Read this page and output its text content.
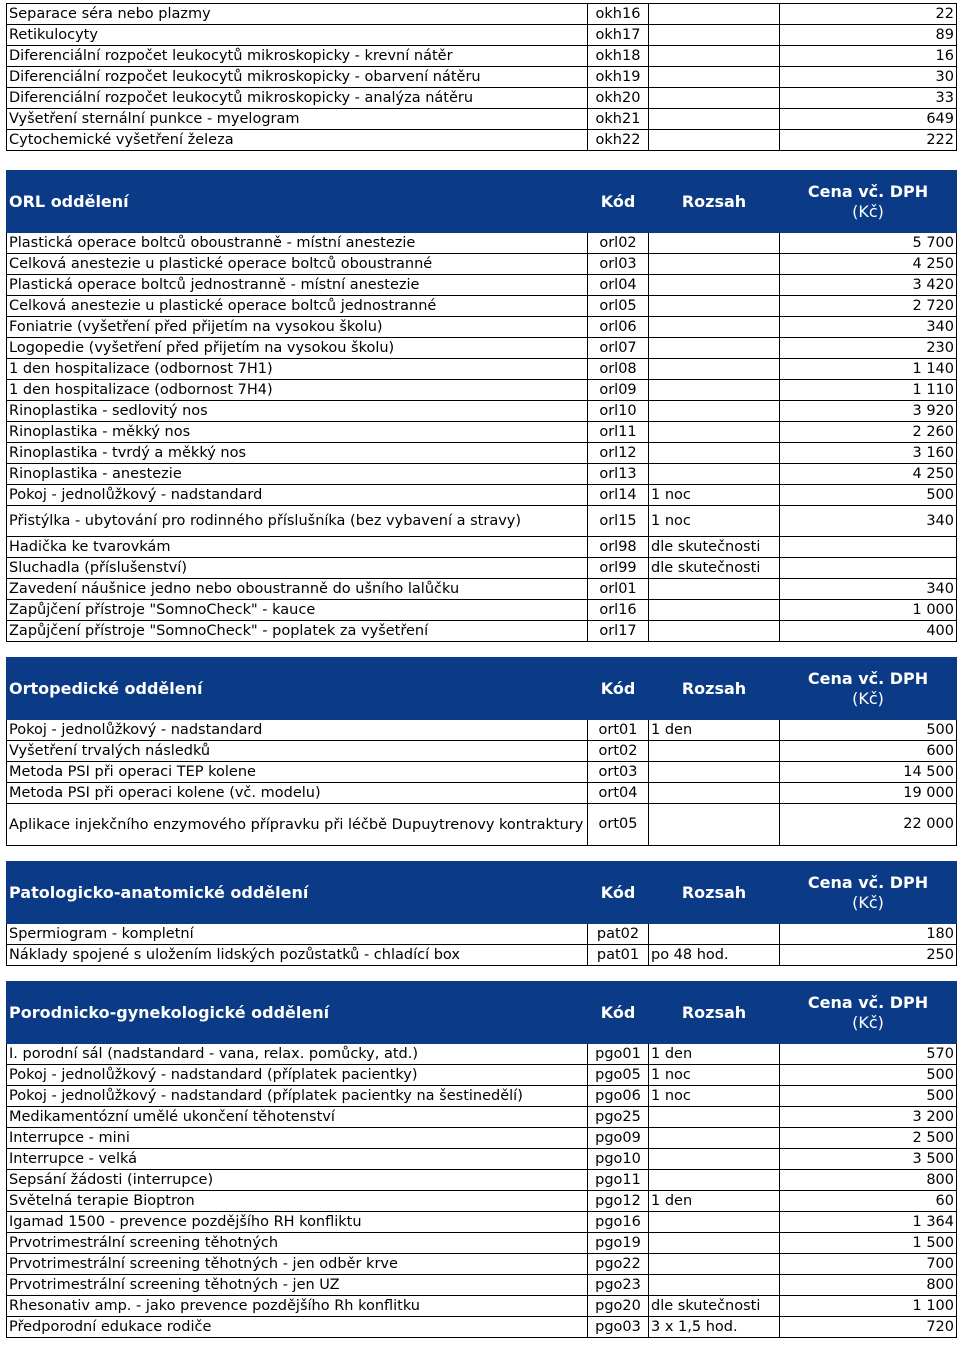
Separace séra nebo plazmy	okh16		22
Retikulocyty	okh17		89
Diferenciální rozpočet leukocytů mikroskopicky - krevní nátěr	okh18		16
Diferenciální rozpočet leukocytů mikroskopicky - obarvení nátěru	okh19		30
Diferenciální rozpočet leukocytů mikroskopicky - analýza nátěru	okh20		33
Vyšetření sternální punkce - myelogram	okh21		649
Cytochemické vyšetření železa	okh22		222
ORL oddělení	Kód	Rozsah	Cena vč. DPH
(Kč)

Plastická operace boltců oboustranně - místní anestezie	orl02		5 700
Celková anestezie u plastické operace boltců oboustranné	orl03		4 250
Plastická operace boltců jednostranně - místní anestezie	orl04		3 420
Celková anestezie u plastické operace boltců jednostranné	orl05		2 720
Foniatrie (vyšetření před přijetím na vysokou školu)	orl06		340
Logopedie (vyšetření před přijetím na vysokou školu)	orl07		230
1 den hospitalizace (odbornost 7H1)	orl08		1 140
1 den hospitalizace (odbornost 7H4)	orl09		1 110
Rinoplastika - sedlovitý nos	orl10		3 920
Rinoplastika - měkký nos	orl11		2 260
Rinoplastika - tvrdý a měkký nos	orl12		3 160
Rinoplastika - anestezie	orl13		4 250
Pokoj - jednolůžkový - nadstandard	orl14	1 noc	500
Přistýlka - ubytování pro rodinného příslušníka (bez vybavení a stravy)	orl15	1 noc	340
Hadička ke tvarovkám	orl98	dle skutečnosti	
Sluchadla (příslušenství)	orl99	dle skutečnosti	
Zavedení náušnice jedno nebo oboustranně do ušního lalůčku	orl01		340
Zapůjčení přístroje "SomnoCheck" - kauce	orl16		1 000
Zapůjčení přístroje "SomnoCheck" - poplatek za vyšetření	orl17		400
Ortopedické oddělení	Kód	Rozsah	Cena vč. DPH
(Kč)

Pokoj - jednolůžkový - nadstandard	ort01	1 den	500
Vyšetření trvalých následků	ort02		600
Metoda PSI při operaci TEP kolene	ort03		14 500
Metoda PSI při operaci kolene (vč. modelu)	ort04		19 000
Aplikace injekčního enzymového přípravku při léčbě Dupuytrenovy kontraktury	ort05		22 000
Patologicko-anatomické oddělení	Kód	Rozsah	Cena vč. DPH
(Kč)

Spermiogram - kompletní	pat02		180
Náklady spojené s uložením lidských pozůstatků - chladící box	pat01	po 48 hod.	250
Porodnicko-gynekologické oddělení	Kód	Rozsah	Cena vč. DPH
(Kč)

I. porodní sál (nadstandard - vana, relax. pomůcky, atd.)	pgo01	1 den	570
Pokoj - jednolůžkový - nadstandard (příplatek pacientky)	pgo05	1 noc	500
Pokoj - jednolůžkový - nadstandard (příplatek pacientky na šestinedělí)	pgo06	1 noc	500
Medikamentózní umělé ukončení těhotenství	pgo25		3 200
Interrupce - mini	pgo09		2 500
Interrupce - velká	pgo10		3 500
Sepsání žádosti (interrupce)	pgo11		800
Světelná terapie Bioptron	pgo12	1 den	60
Igamad 1500 - prevence pozdějšího RH konfliktu	pgo16		1 364
Prvotrimestrální screening těhotných	pgo19		1 500
Prvotrimestrální screening těhotných - jen odběr krve	pgo22		700
Prvotrimestrální screening těhotných - jen UZ	pgo23		800
Rhesonativ amp. - jako prevence pozdějšího Rh konflitku	pgo20	dle skutečnosti	1 100
Předporodní edukace rodiče	pgo03	3 x 1,5 hod.	720
